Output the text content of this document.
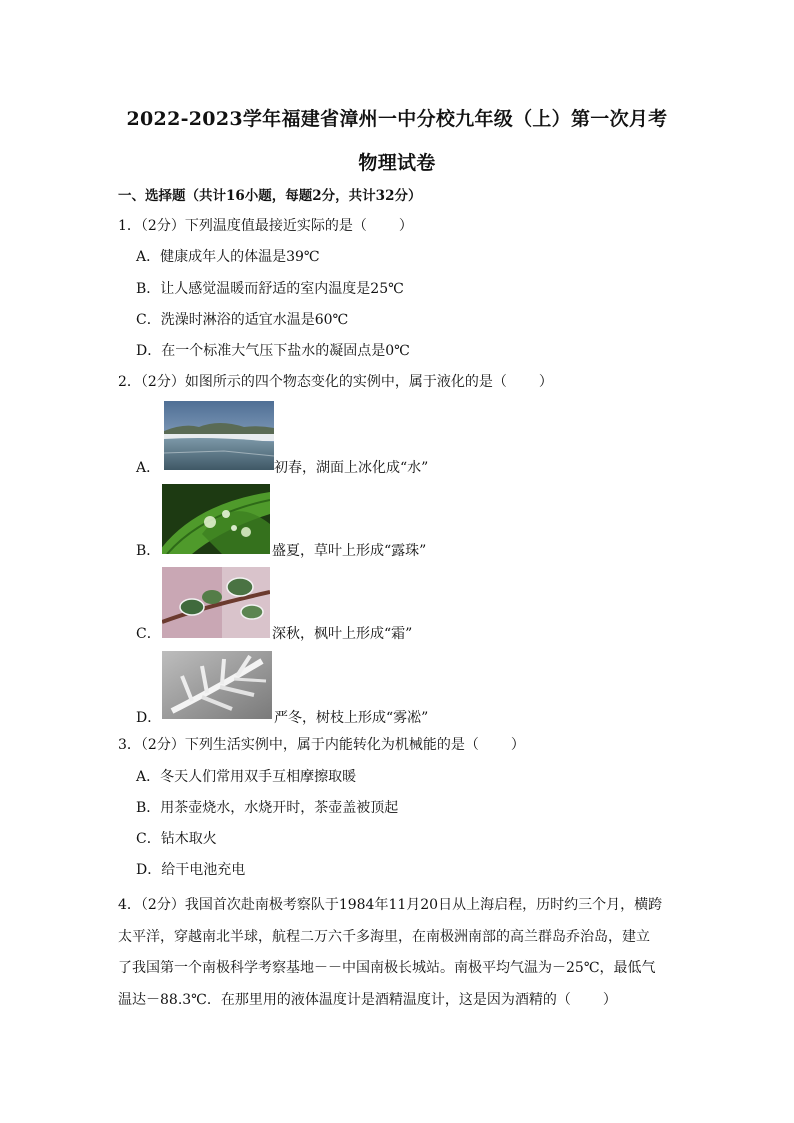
2022-2023学年福建省漳州一中分校九年级（上）第一次月考
物理试卷
一、选择题（共计16小题，每题2分，共计32分）
1．（2分）下列温度值最接近实际的是（ ）
A．健康成年人的体温是39℃
B．让人感觉温暖而舒适的室内温度是25℃
C．洗澡时淋浴的适宜水温是60℃
D．在一个标准大气压下盐水的凝固点是0℃
2．（2分）如图所示的四个物态变化的实例中，属于液化的是（ ）
A．	初春，湖面上冰化成“水”
B．	盛夏，草叶上形成“露珠”
C．	深秋，枫叶上形成“霜”
D．	严冬，树枝上形成“雾凇”
3．（2分）下列生活实例中，属于内能转化为机械能的是（ ）
A．冬天人们常用双手互相摩擦取暖
B．用茶壶烧水，水烧开时，茶壶盖被顶起
C．钻木取火
D．给干电池充电
4．（2分）我国首次赴南极考察队于1984年11月20日从上海启程，历时约三个月，横跨
太平洋，穿越南北半球，航程二万六千多海里，在南极洲南部的高兰群岛乔治岛，建立
了我国第一个南极科学考察基地－－中国南极长城站。南极平均气温为－25℃，最低气
温达－88.3℃．在那里用的液体温度计是酒精温度计，这是因为酒精的（ ）
